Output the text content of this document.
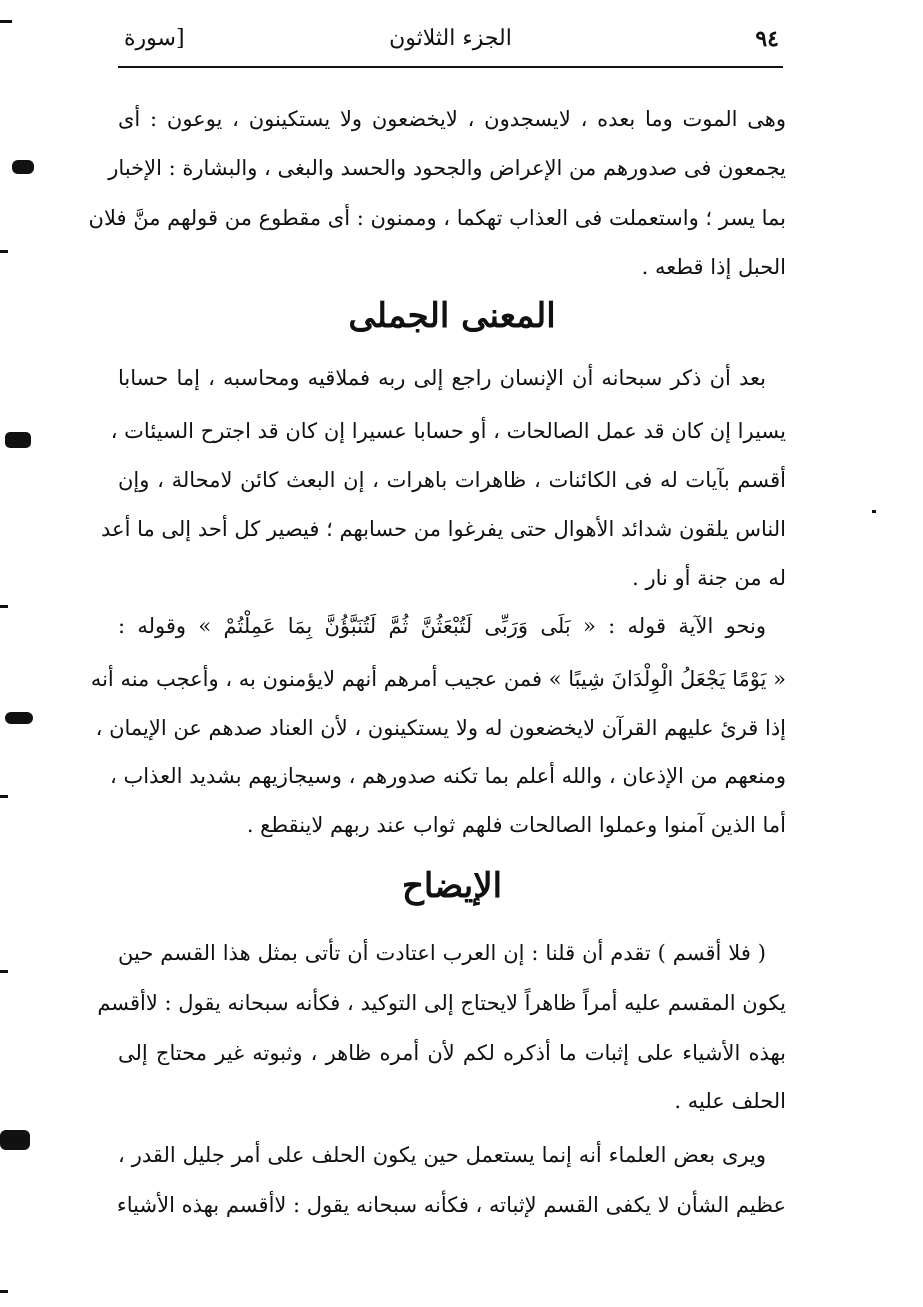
٩٤
الجزء الثلاثون
[سورة
وهى الموت وما بعده ، لايسجدون ، لايخضعون ولا يستكينون ، يوعون : أى
يجمعون فى صدورهم من الإعراض والجحود والحسد والبغى ، والبشارة : الإخبار
بما يسر ؛ واستعملت فى العذاب تهكما ، وممنون : أى مقطوع من قولهم منَّ فلان
الحبل إذا قطعه .
المعنى الجملى
بعد أن ذكر سبحانه أن الإنسان راجع إلى ربه فملاقيه ومحاسبه ، إما حسابا
يسيرا إن كان قد عمل الصالحات ، أو حسابا عسيرا إن كان قد اجترح السيئات ،
أقسم بآيات له فى الكائنات ، ظاهرات باهرات ، إن البعث كائن لامحالة ، وإن
الناس يلقون شدائد الأهوال حتى يفرغوا من حسابهم ؛ فيصير كل أحد إلى ما أعد
له من جنة أو نار .
ونحو الآية قوله : « بَلَى وَرَبِّى لَتُبْعَثُنَّ ثُمَّ لَتُنَبَّؤُنَّ بِمَا عَمِلْتُمْ » وقوله :
« يَوْمًا يَجْعَلُ الْوِلْدَانَ شِيبًا » فمن عجيب أمرهم أنهم لايؤمنون به ، وأعجب منه أنه
إذا قرئ عليهم القرآن لايخضعون له ولا يستكينون ، لأن العناد صدهم عن الإيمان ،
ومنعهم من الإذعان ، والله أعلم بما تكنه صدورهم ، وسيجازيهم بشديد العذاب ،
أما الذين آمنوا وعملوا الصالحات فلهم ثواب عند ربهم لاينقطع .
الإيضاح
( فلا أقسم ) تقدم أن قلنا : إن العرب اعتادت أن تأتى بمثل هذا القسم حين
يكون المقسم عليه أمراً ظاهراً لايحتاج إلى التوكيد ، فكأنه سبحانه يقول : لاأقسم
بهذه الأشياء على إثبات ما أذكره لكم لأن أمره ظاهر ، وثبوته غير محتاج إلى
الحلف عليه .
ويرى بعض العلماء أنه إنما يستعمل حين يكون الحلف على أمر جليل القدر ،
عظيم الشأن لا يكفى القسم لإثباته ، فكأنه سبحانه يقول : لاأقسم بهذه الأشياء
